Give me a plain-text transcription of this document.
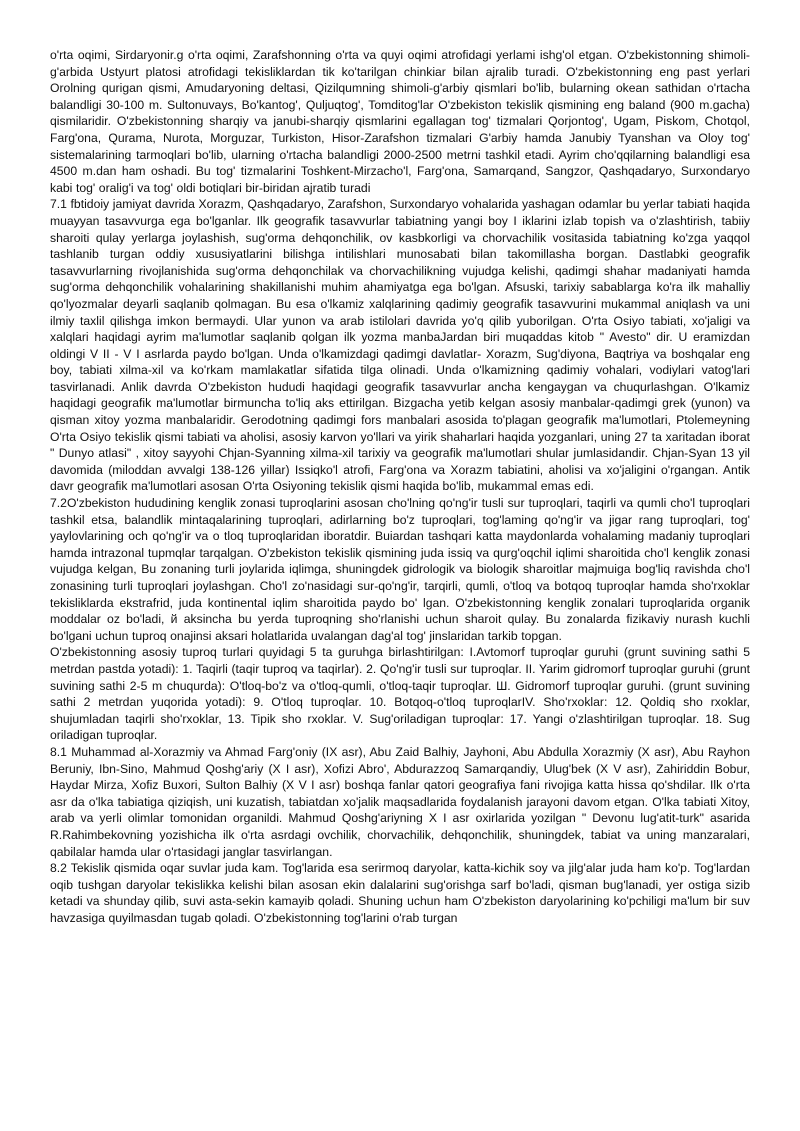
o'rta oqimi, Sirdaryonir.g o'rta oqimi, Zarafshonning o'rta va quyi oqimi atrofidagi yerlami ishg'ol etgan. O'zbekistonning shimoli-g'arbida Ustyurt platosi atrofidagi tekisliklardan tik ko'tarilgan chinkiar bilan ajralib turadi. O'zbekistonning eng past yerlari Orolning qurigan qismi, Amudaryoning deltasi, Qizilqumning shimoli-g'arbiy qismlari bo'lib, bularning okean sathidan o'rtacha balandligi 30-100 m. Sultonuvays, Bo'kantog', Quljuqtog', Tomditog'lar O'zbekiston tekislik qismining eng baland (900 m.gacha) qismilaridir. O'zbekistonning sharqiy va janubi-sharqiy qismlarini egallagan tog' tizmalari Qorjontog', Ugam, Piskom, Chotqol, Farg'ona, Qurama, Nurota, Morguzar, Turkiston, Hisor-Zarafshon tizmalari G'arbiy hamda Janubiy Tyanshan va Oloy tog' sistemalarining tarmoqlari bo'lib, ularning o'rtacha balandligi 2000-2500 metrni tashkil etadi. Ayrim cho'qqilarning balandligi esa 4500 m.dan ham oshadi. Bu tog' tizmalarini Toshkent-Mirzacho'l, Farg'ona, Samarqand, Sangzor, Qashqadaryo, Surxondaryo kabi tog' oralig'i va tog' oldi botiqlari bir-biridan ajratib turadi

7.1 fbtidoiy jamiyat davrida Xorazm, Qashqadaryo, Zarafshon, Surxondaryo vohalarida yashagan odamlar bu yerlar tabiati haqida muayyan tasavvurga ega bo'lganlar. Ilk geografik tasavvurlar tabiatning yangi boy I iklarini izlab topish va o'zlashtirish, tabiiy sharoiti qulay yerlarga joylashish, sug'orma dehqonchilik, ov kasbkorligi va chorvachilik vositasida tabiatning ko'zga yaqqol tashlanib turgan oddiy xususiyatlarini bilishga intilishlari munosabati bilan takomillasha borgan. Dastlabki geografik tasavvurlarning rivojlanishida sug'orma dehqonchilak va chorvachilikning vujudga kelishi, qadimgi shahar madaniyati hamda sug'orma dehqonchilik vohalarining shakillanishi muhim ahamiyatga ega bo'lgan. Afsuski, tarixiy sabablarga ko'ra ilk mahalliy qo'lyozmalar deyarli saqlanib qolmagan. Bu esa o'lkamiz xalqlarining qadimiy geografik tasavvurini mukammal aniqlash va uni ilmiy taxlil qilishga imkon bermaydi. Ular yunon va arab istilolari davrida yo'q qilib yuborilgan. O'rta Osiyo tabiati, xo'jaligi va xalqlari haqidagi ayrim ma'lumotlar saqlanib qolgan ilk yozma manbaJardan biri muqaddas kitob " Avesto" dir. U eramizdan oldingi V II - V I asrlarda paydo bo'lgan. Unda o'lkamizdagi qadimgi davlatlar- Xorazm, Sug'diyona, Baqtriya va boshqalar eng boy, tabiati xilma-xil va ko'rkam mamlakatlar sifatida tilga olinadi. Unda o'lkamizning qadimiy vohalari, vodiylari vatog'lari tasvirlanadi. Anlik davrda O'zbekiston hududi haqidagi geografik tasavvurlar ancha kengaygan va chuqurlashgan. O'lkamiz haqidagi geografik ma'lumotlar birmuncha to'liq aks ettirilgan. Bizgacha yetib kelgan asosiy manbalar-qadimgi grek (yunon) va qisman xitoy yozma manbalaridir. Gerodotning qadimgi fors manbalari asosida to'plagan geografik ma'lumotlari, Ptolemeyning O'rta Osiyo tekislik qismi tabiati va aholisi, asosiy karvon yo'llari va yirik shaharlari haqida yozganlari, uning 27 ta xaritadan iborat " Dunyo atlasi" , xitoy sayyohi Chjan-Syanning xilma-xil tarixiy va geografik ma'lumotlari shular jumlasidandir. Chjan-Syan 13 yil davomida (miloddan avvalgi 138-126 yillar) Issiqko'l atrofi, Farg'ona va Xorazm tabiatini, aholisi va xo'jaligini o'rgangan. Antik davr geografik ma'lumotlari asosan O'rta Osiyoning tekislik qismi haqida bo'lib, mukammal emas edi.

7.2O'zbekiston hududining kenglik zonasi tuproqlarini asosan cho'lning qo'ng'ir tusli sur tuproqlari, taqirli va qumli cho'l tuproqlari tashkil etsa, balandlik mintaqalarining tuproqlari, adirlarning bo'z tuproqlari, tog'laming qo'ng'ir va jigar rang tuproqlari, tog' yaylovlarining och qo'ng'ir va o tloq tuproqlaridan iboratdir. Buiardan tashqari katta maydonlarda vohalaming madaniy tuproqlari hamda intrazonal tupmqlar tarqalgan. O'zbekiston tekislik qismining juda issiq va qurg'oqchil iqlimi sharoitida cho'l kenglik zonasi vujudga kelgan, Bu zonaning turli joylarida iqlimga, shuningdek gidrologik va biologik sharoitlar majmuiga bog'liq ravishda cho'l zonasining turli tuproqlari joylashgan. Cho'l zo'nasidagi sur-qo'ng'ir, tarqirli, qumli, o'tloq va botqoq tuproqlar hamda sho'rxoklar tekisliklarda ekstrafrid, juda kontinental iqlim sharoitida paydo bo' lgan. O'zbekistonning kenglik zonalari tuproqlarida organik moddalar oz bo'ladi, й aksincha bu yerda tuproqning sho'rlanishi uchun sharoit qulay. Bu zonalarda fizikaviy nurash kuchli bo'lgani uchun tuproq onajinsi aksari holatlarida uvalangan dag'al tog' jinslaridan tarkib topgan.

O'zbekistonning asosiy tuproq turlari quyidagi 5 ta guruhga birlashtirilgan: I.Avtomorf tuproqlar guruhi (grunt suvining sathi 5 metrdan pastda yotadi): 1. Taqirli (taqir tuproq va taqirlar). 2. Qo'ng'ir tusli sur tuproqlar. II. Yarim gidromorf tuproqlar guruhi (grunt suvining sathi 2-5 m chuqurda): O'tloq-bo'z va o'tloq-qumli, o'tloq-taqir tuproqlar. Ш. Gidromorf tuproqlar guruhi. (grunt suvining sathi 2 metrdan yuqorida yotadi): 9. O'tloq tuproqlar. 10. Botqoq-o'tloq tuproqlarIV. Sho'rxoklar: 12. Qoldiq sho rxoklar, shujumladan taqirli sho'rxoklar, 13. Tipik sho rxoklar. V. Sug'oriladigan tuproqlar: 17. Yangi o'zlashtirilgan tuproqlar. 18. Sug oriladigan tuproqlar.

8.1 Muhammad al-Xorazmiy va Ahmad Farg'oniy (IX asr), Abu Zaid Balhiy, Jayhoni, Abu Abdulla Xorazmiy (X asr), Abu Rayhon Beruniy, Ibn-Sino, Mahmud Qoshg'ariy (X I asr), Xofizi Abro', Abdurazzoq Samarqandiy, Ulug'bek (X V asr), Zahiriddin Bobur, Haydar Mirza, Xofiz Buxori, Sulton Balhiy (X V I asr) boshqa fanlar qatori geografiya fani rivojiga katta hissa qo'shdilar. Ilk o'rta asr da o'lka tabiatiga qiziqish, uni kuzatish, tabiatdan xo'jalik maqsadlarida foydalanish jarayoni davom etgan. O'lka tabiati Xitoy, arab va yerli olimlar tomonidan organildi. Mahmud Qoshg'ariyning X I asr oxirlarida yozilgan " Devonu lug'atit-turk" asarida R.Rahimbekovning yozishicha ilk o'rta asrdagi ovchilik, chorvachilik, dehqonchilik, shuningdek, tabiat va uning manzaralari, qabilalar hamda ular o'rtasidagi janglar tasvirlangan.

8.2 Tekislik qismida oqar suvlar juda kam. Tog'larida esa serirmoq daryolar, katta-kichik soy va jilg'alar juda ham ko'p. Tog'lardan oqib tushgan daryolar tekislikka kelishi bilan asosan ekin dalalarini sug'orishga sarf bo'ladi, qisman bug'lanadi, yer ostiga sizib ketadi va shunday qilib, suvi asta-sekin kamayib qoladi. Shuning uchun ham O'zbekiston daryolarining ko'pchiligi ma'lum bir suv havzasiga quyilmasdan tugab qoladi. O'zbekistonning tog'larini o'rab turgan
